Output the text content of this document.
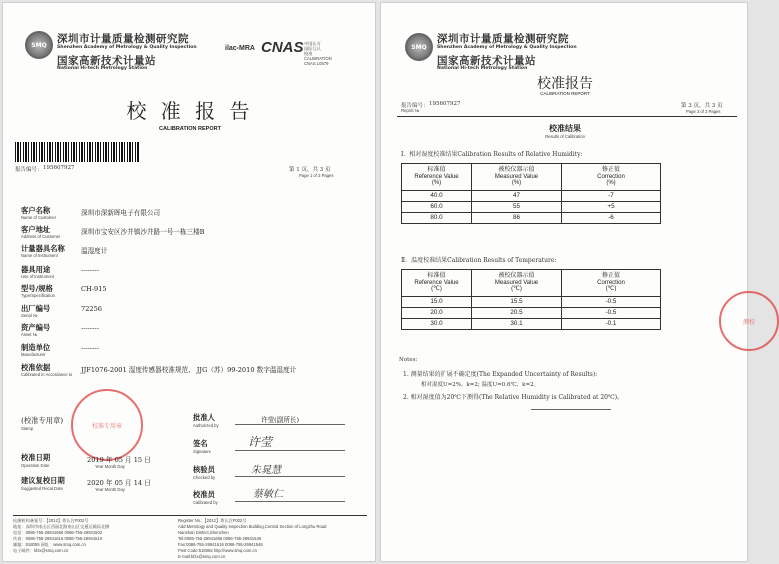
SMQ 深圳市计量质量检测研究院
Shenzhen Academy of Metrology & Quality Inspection
国家高新技术计量站
National Hi-tech Metrology Station
ilac-MRA CNAS 中国认可
国际互认
校准
CALIBRATION
CNAS L0579
校 准 报 告
CALIBRATION REPORT
报告编号： 195607927	第 1 页，共 3 页
Page 1 of 3 Pages
客户名称
Name of Customer
深圳市深新晖电子有限公司
客户地址
Address of Customer
深圳市宝安区沙井镇沙井路一号一栋三楼B
计量器具名称
Name of Instrument
温湿度计
器具用途
Use of Instrument
--------
型号/规格
Type/Specification
CH-915
出厂编号
Serial №
72256
资产编号
Asset №
--------
制造单位
Manufacturer
--------
校准依据
Calibrated in Accordance to
JJF1076-2001 湿度传感器校准规范、 JJG（苏）99-2010 数字温湿度计
校准专用章
(校准专用章)
Stamp
校准日期
Operation Date
2019 年 05 月 15 日
Year Month Day
建议复校日期
Suggested Recal Date
2020 年 05 月 14 日
Year Month Day
批准人
Authorized by
许莹(副所长)
签名
Signature
许莹
核验员
Checked by
朱晁慧
校准员
Calibrated by
蔡敏仁
检测机构备案号：【2012】粤认注F002号
地址：深圳市南山区西丽北路南山区交通运输局北侧
电话：0086-755-26941666 0086-755-26941502
传真：0086-755-26941616 0086-755-26941510
邮编：518055 网址：www.smq.com.cn
电子邮件：kfzx@smq.com.cn
Register No.:【2012】粤认注F002号
Add:Metrology and Quality Inspection Building,Central Section of Longzhu Road
Nanshan District,Shenzhen
Tel:0086-755-26941666 0086-755-26941546
Fax:0086-755-26941616 0086-755-26941546
Post Code:518055 http://www.smq.com.cn
E-mail:kfzx@smq.com.cn
SMQ
深圳市计量质量检测研究院
Shenzhen Academy of Metrology & Quality Inspection
国家高新技术计量站
National Hi-tech Metrology Station
校准报告
CALIBRATION REPORT
报告编号： 195607927
Report №
第 3 页，共 3 页
Page 3 of 3 Pages
校准结果
Results of Calibration
Ⅰ．相对湿度校准结果Calibration Results of Relative Humidity:
标准值
Reference Value
(%)	被校仪器示值
Measured Value
(%)	修正值
Correction
(%)
40.0	47	-7
60.0	55	+5
80.0	86	-6
Ⅱ．温度校准结果Calibration Results of Temperature:
标准值
Reference Value
(℃)	被校仪器示值
Measured Value
(℃)	修正值
Correction
(℃)
15.0	15.5	-0.5
20.0	20.5	-0.5
30.0	30.1	-0.1
Notes:
1. 测量结果的扩展不确定度(The Expanded Uncertainty of Results):
相对湿度U=2%，k=2; 温度U=0.6℃，k=2。
2. 相对湿度值为20℃下测得(The Relative Humidity is Calibrated at 20℃)。
测校
